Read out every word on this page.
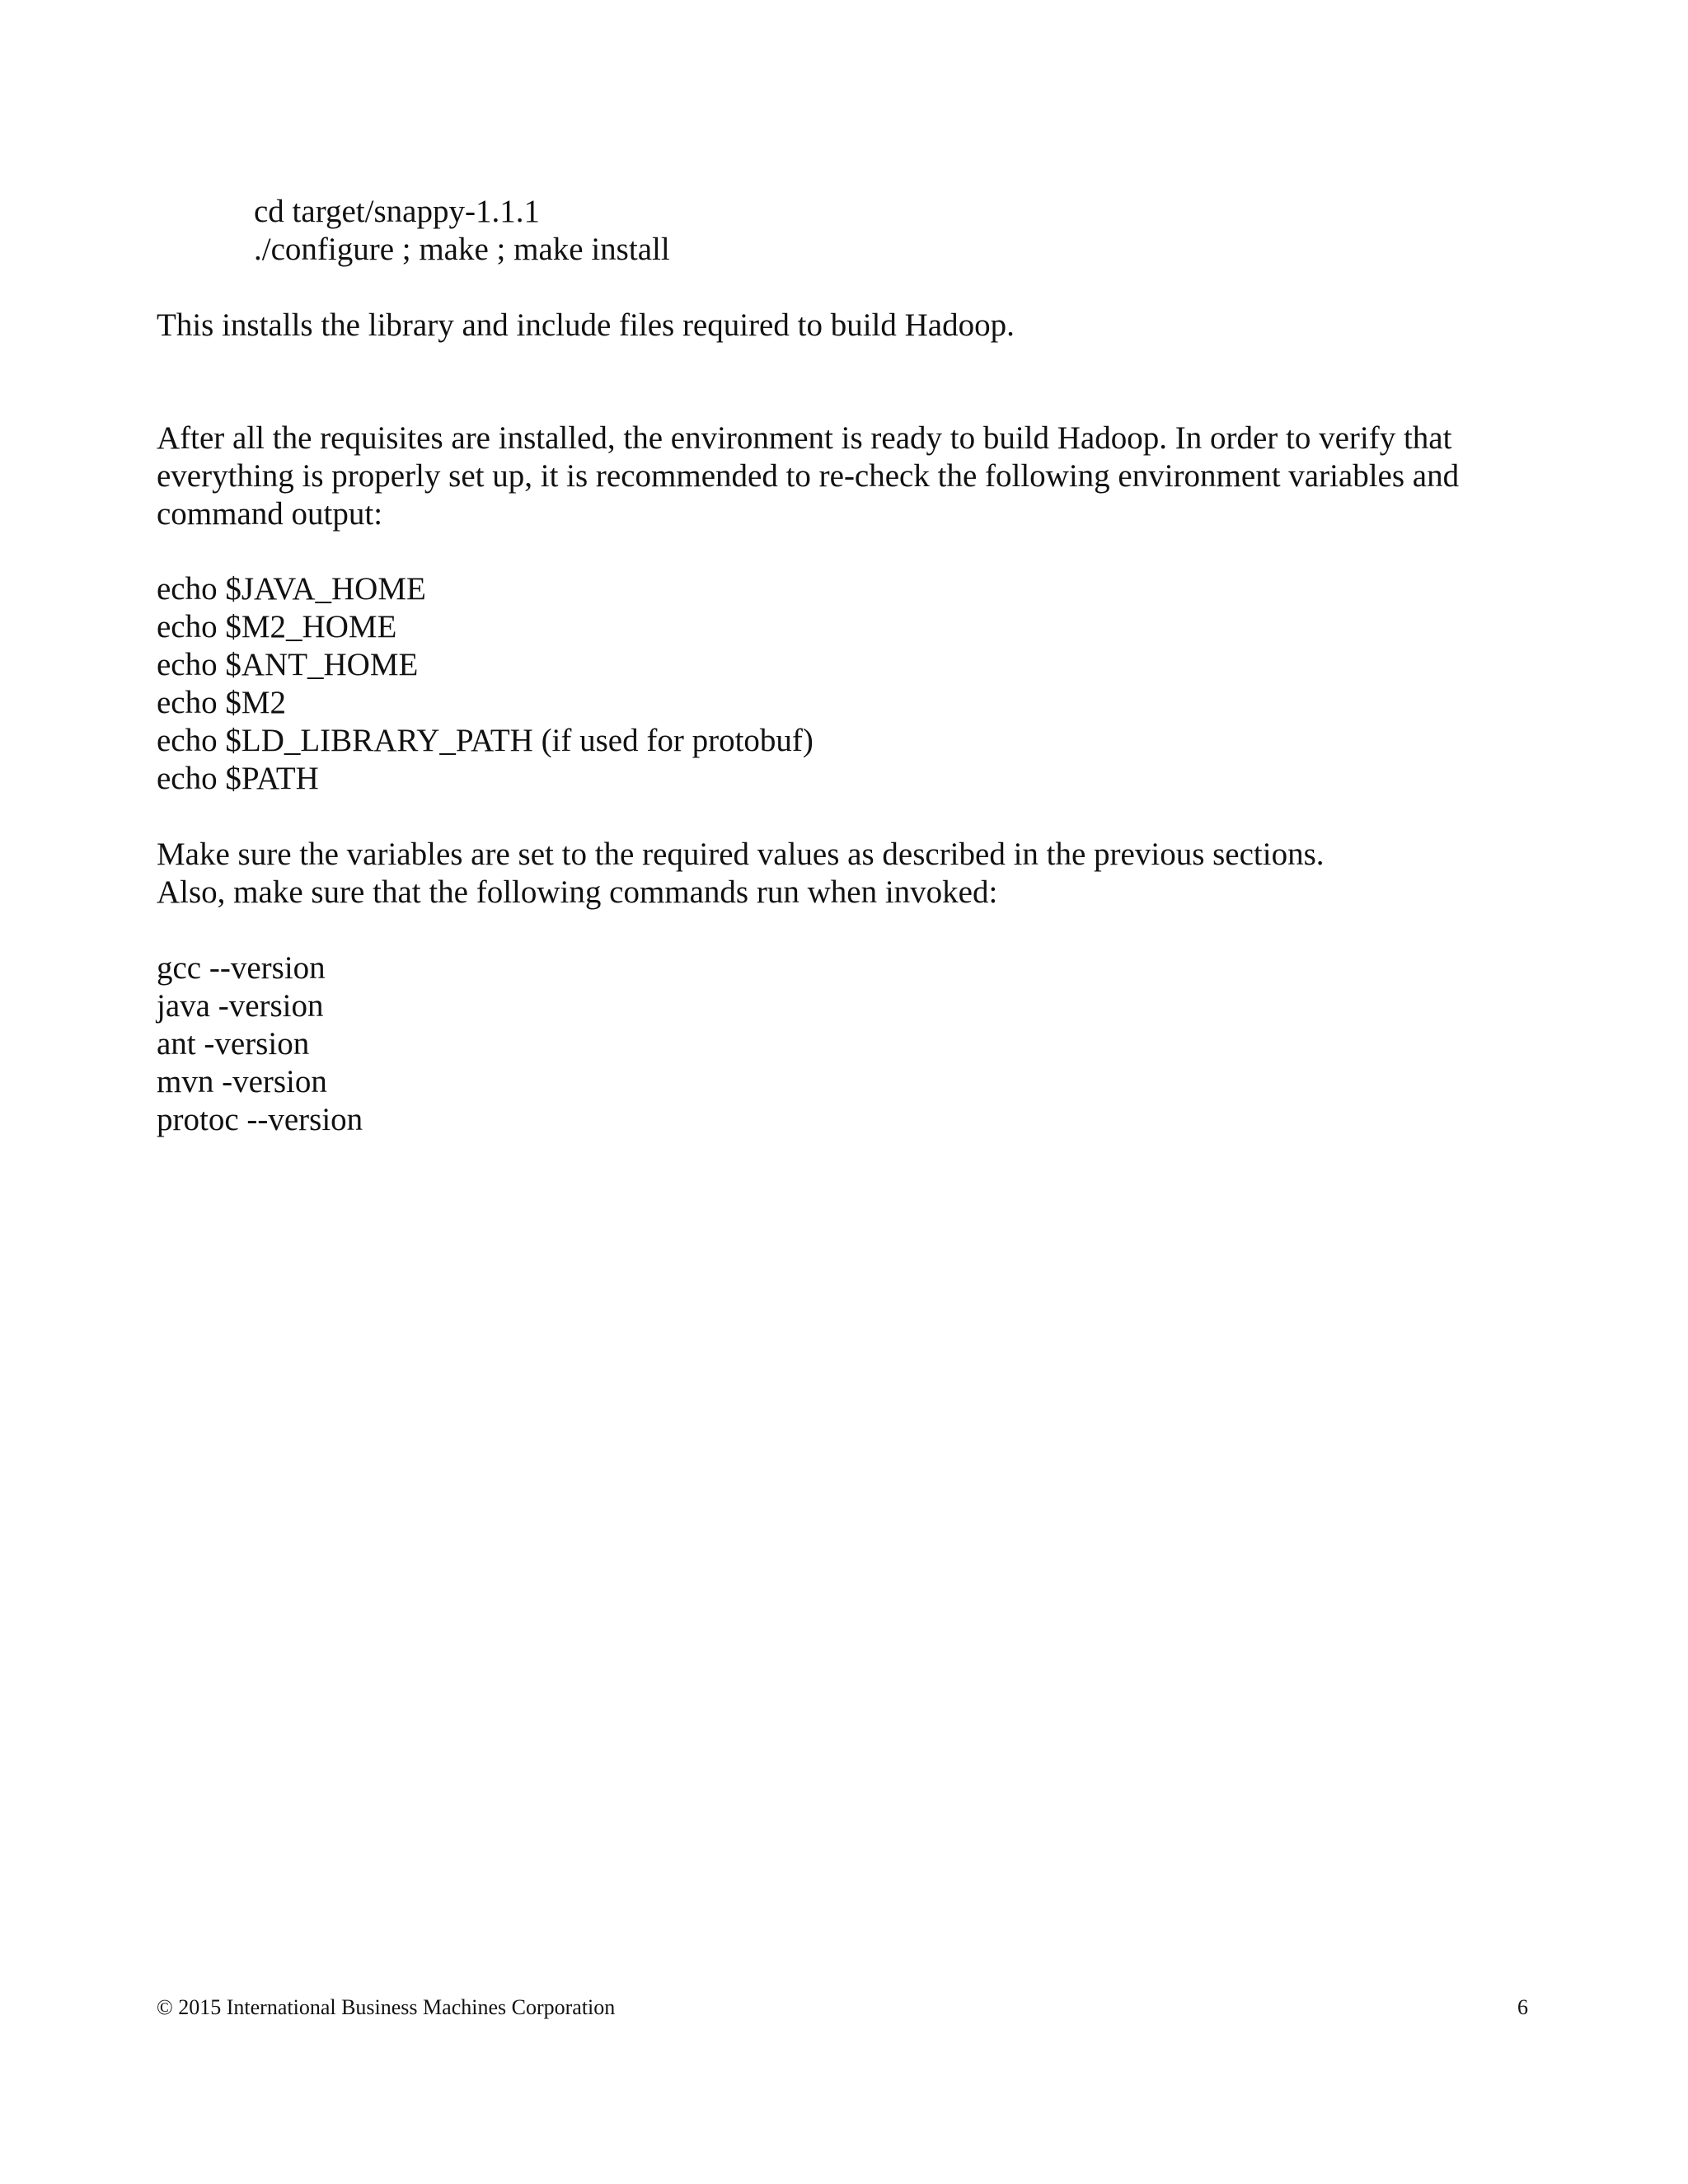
cd target/snappy-1.1.1
./configure ; make ; make install
This installs the library and include files required to build Hadoop.
After all the requisites are installed, the environment is ready to build Hadoop. In order to verify that
everything is properly set up, it is recommended to re-check the following environment variables and
command output:
echo $JAVA_HOME
echo $M2_HOME
echo $ANT_HOME
echo $M2
echo $LD_LIBRARY_PATH (if used for protobuf)
echo $PATH
Make sure the variables are set to the required values as described in the previous sections.
Also, make sure that the following commands run when invoked:
gcc --version
java -version
ant -version
mvn -version
protoc --version
© 2015 International Business Machines Corporation	6
